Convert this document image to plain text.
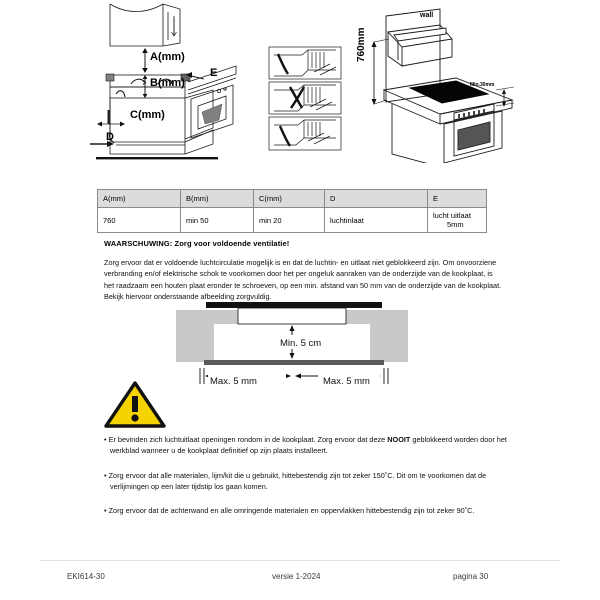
A(mm)
B(mm)
C(mm)
D
E
760mm
wall
Min.30mm
A(mm)	B(mm)	C(mm)	D	E
760	min 50	min 20	luchtinlaat	lucht uitlaat5mm

WAARSCHUWING: Zorg voor voldoende ventilatie!

Zorg ervoor dat er voldoende luchtcirculatie mogelijk is en dat de luchtin- en uitlaat niet geblokkeerd zijn. Om onvoorziene verbranding en/of elektrische schok te voorkomen door het per ongeluk aanraken van de onderzijde van de kookplaat, is het raadzaam een houten plaat eronder te schroeven, op een min. afstand van 50 mm van de onderzijde van de kookplaat. Bekijk hiervoor onderstaande afbeelding zorgvuldig.

Min. 5 cm
Max. 5 mm	Max. 5 mm

• Er bevinden zich luchtuitlaat openingen rondom in de kookplaat. Zorg ervoor dat deze NOOIT geblokkeerd worden door het werkblad wanneer u de kookplaat definitief op zijn plaats installeert.

• Zorg ervoor dat alle materialen, lijm/kit die u gebruikt, hittebestendig zijn tot zeker 150˚C. Dit om te voorkomen dat de verlijmingen op een later tijdstip los gaan komen.

• Zorg ervoor dat de achterwand en alle omringende materialen en oppervlakken hittebestendig zijn tot zeker 90˚C.

EKI614-30	versie 1-2024	pagina 30
